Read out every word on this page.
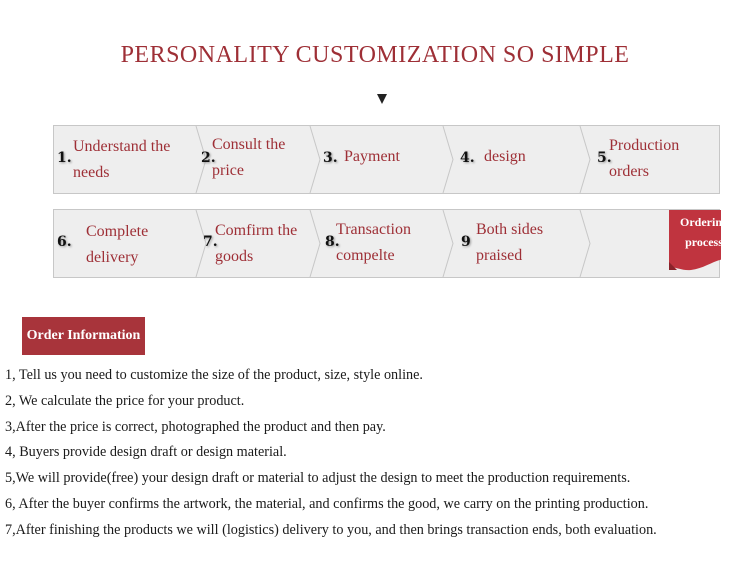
PERSONALITY CUSTOMIZATION SO SIMPLE
1.
Understand the
needs
2.
Consult the
price
3. Payment	4. design	5.
Production
orders
6.
Complete
delivery
7.
Comfirm the
goods
8.
Transaction
compelte
9
Both sides
praised
Ordering
process
Order Information
1, Tell us you need to customize the size of the product, size, style online.
2, We calculate the price for your product.
3,After the price is correct, photographed the product and then pay.
4, Buyers provide design draft or design material.
5,We will provide(free) your design draft or material to adjust the design to meet the production requirements.
6, After the buyer confirms the artwork, the material, and confirms the good, we carry on the printing production.
7,After finishing the products we will (logistics) delivery to you, and then brings transaction ends, both evaluation.
